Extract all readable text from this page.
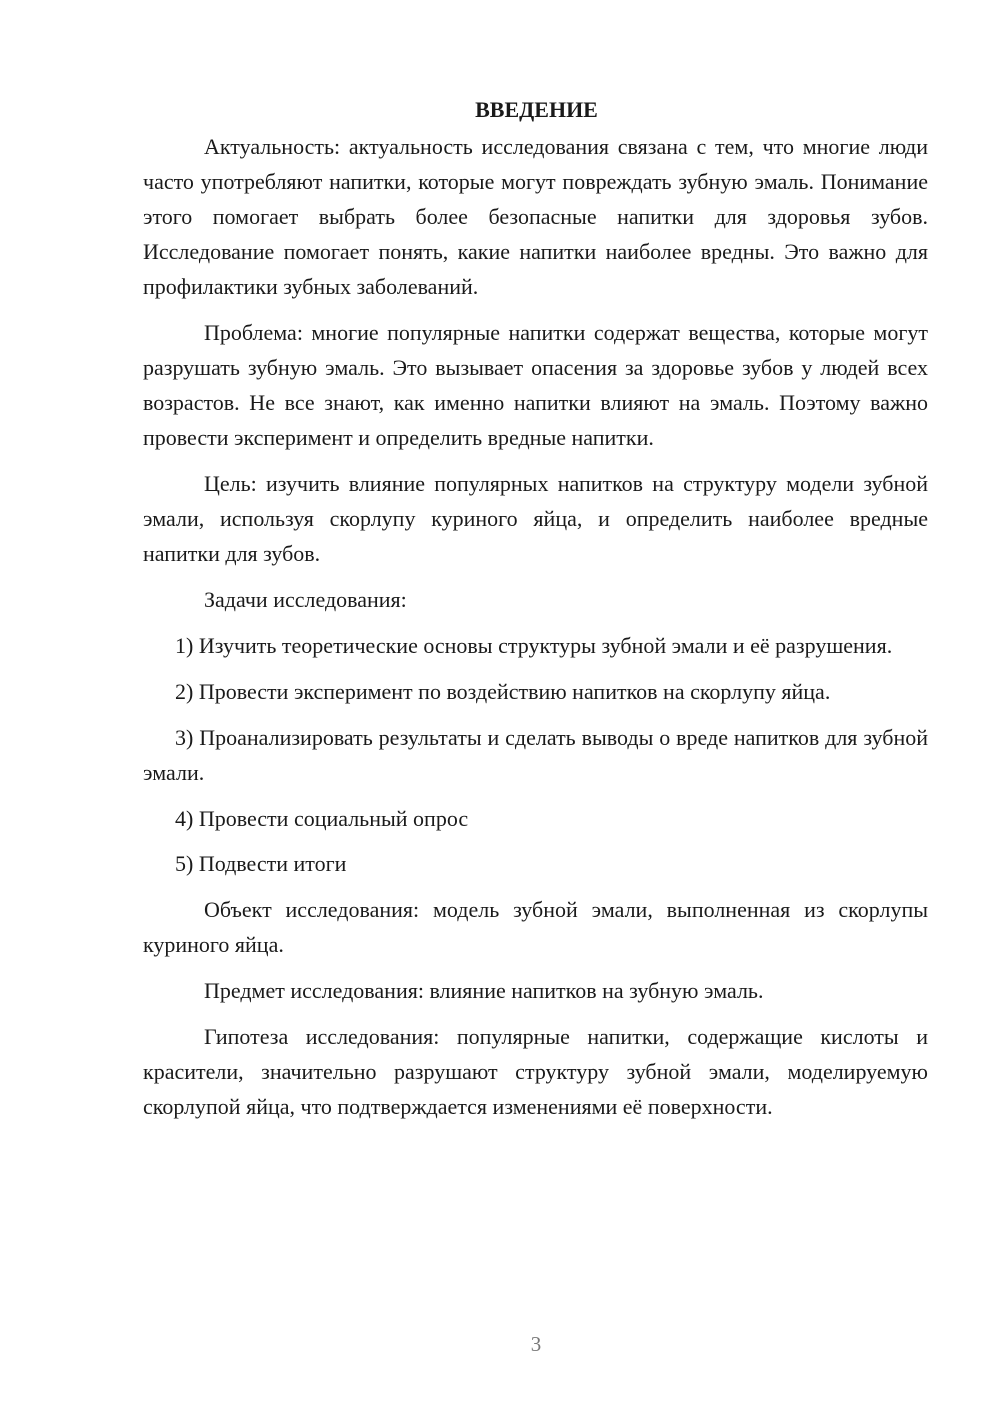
ВВЕДЕНИЕ

Актуальность: актуальность исследования связана с тем, что многие люди часто употребляют напитки, которые могут повреждать зубную эмаль. Понимание этого помогает выбрать более безопасные напитки для здоровья зубов. Исследование помогает понять, какие напитки наиболее вредны. Это важно для профилактики зубных заболеваний.

Проблема: многие популярные напитки содержат вещества, которые могут разрушать зубную эмаль. Это вызывает опасения за здоровье зубов у людей всех возрастов. Не все знают, как именно напитки влияют на эмаль. Поэтому важно провести эксперимент и определить вредные напитки.

Цель: изучить влияние популярных напитков на структуру модели зубной эмали, используя скорлупу куриного яйца, и определить наиболее вредные напитки для зубов.

Задачи исследования:

1) Изучить теоретические основы структуры зубной эмали и её разрушения.

2) Провести эксперимент по воздействию напитков на скорлупу яйца.

3) Проанализировать результаты и сделать выводы о вреде напитков для зубной эмали.

4) Провести социальный опрос

5) Подвести итоги

Объект исследования: модель зубной эмали, выполненная из скорлупы куриного яйца.

Предмет исследования: влияние напитков на зубную эмаль.

Гипотеза исследования: популярные напитки, содержащие кислоты и красители, значительно разрушают структуру зубной эмали, моделируемую скорлупой яйца, что подтверждается изменениями её поверхности.

3
